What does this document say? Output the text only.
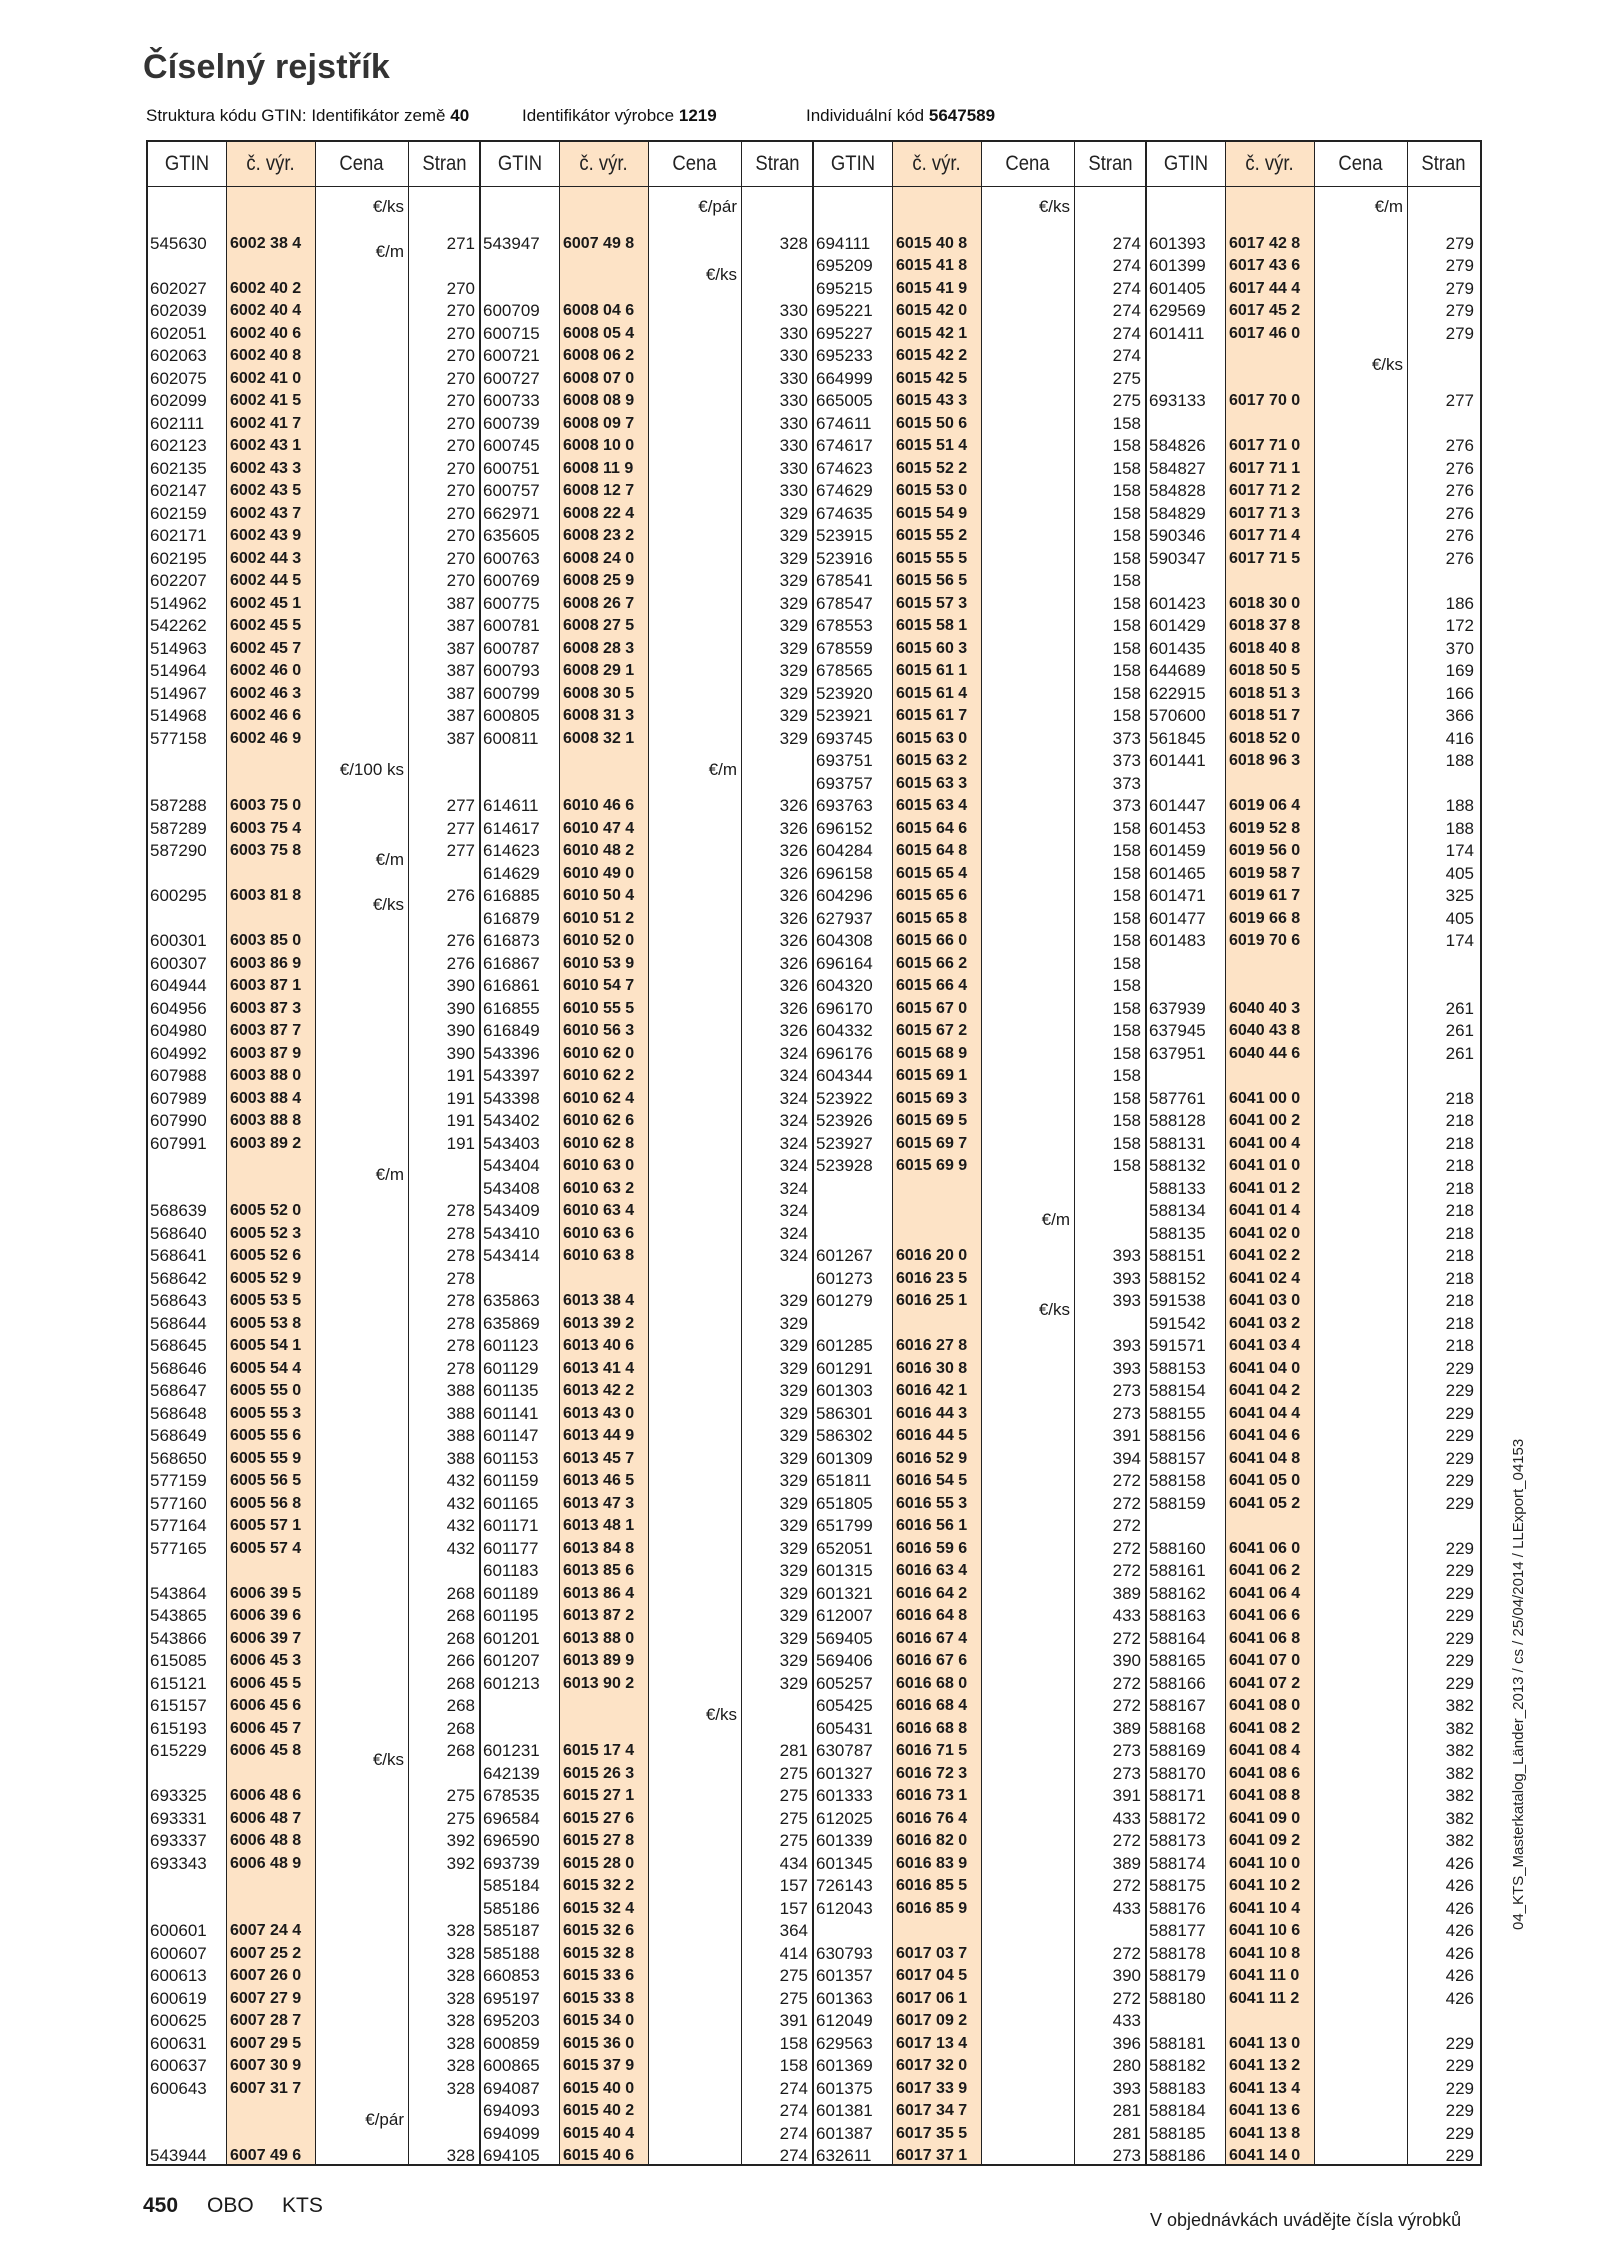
Číselný rejstřík
Struktura kódu GTIN: Identifikátor země 40	Identifikátor výrobce 1219	Individuální kód 5647589
GTIN	č. výr.	Cena	Stran
€/ks
545630 6002 38 4	271
€/m
602027 6002 40 2	270
602039 6002 40 4	270
602051 6002 40 6	270
602063 6002 40 8	270
602075 6002 41 0	270
602099 6002 41 5	270
602111 6002 41 7	270
602123 6002 43 1	270
602135 6002 43 3	270
602147 6002 43 5	270
602159 6002 43 7	270
602171 6002 43 9	270
602195 6002 44 3	270
602207 6002 44 5	270
514962 6002 45 1	387
542262 6002 45 5	387
514963 6002 45 7	387
514964 6002 46 0	387
514967 6002 46 3	387
514968 6002 46 6	387
577158 6002 46 9	387
€/100 ks
587288 6003 75 0	277
587289 6003 75 4	277
587290 6003 75 8	277
€/m
600295 6003 81 8	276
€/ks
600301 6003 85 0	276
600307 6003 86 9	276
604944 6003 87 1	390
604956 6003 87 3	390
604980 6003 87 7	390
604992 6003 87 9	390
607988 6003 88 0	191
607989 6003 88 4	191
607990 6003 88 8	191
607991 6003 89 2	191
€/m
568639 6005 52 0	278
568640 6005 52 3	278
568641 6005 52 6	278
568642 6005 52 9	278
568643 6005 53 5	278
568644 6005 53 8	278
568645 6005 54 1	278
568646 6005 54 4	278
568647 6005 55 0	388
568648 6005 55 3	388
568649 6005 55 6	388
568650 6005 55 9	388
577159 6005 56 5	432
577160 6005 56 8	432
577164 6005 57 1	432
577165 6005 57 4	432
543864 6006 39 5	268
543865 6006 39 6	268
543866 6006 39 7	268
615085 6006 45 3	266
615121 6006 45 5	268
615157 6006 45 6	268
615193 6006 45 7	268
615229 6006 45 8	268
€/ks
693325 6006 48 6	275
693331 6006 48 7	275
693337 6006 48 8	392
693343 6006 48 9	392
600601 6007 24 4	328
600607 6007 25 2	328
600613 6007 26 0	328
600619 6007 27 9	328
600625 6007 28 7	328
600631 6007 29 5	328
600637 6007 30 9	328
600643 6007 31 7	328
€/pár
543944 6007 49 6	328
GTIN	č. výr.	Cena	Stran
€/pár
543947 6007 49 8	328
€/ks
600709 6008 04 6	330
600715 6008 05 4	330
600721 6008 06 2	330
600727 6008 07 0	330
600733 6008 08 9	330
600739 6008 09 7	330
600745 6008 10 0	330
600751 6008 11 9	330
600757 6008 12 7	330
662971 6008 22 4	329
635605 6008 23 2	329
600763 6008 24 0	329
600769 6008 25 9	329
600775 6008 26 7	329
600781 6008 27 5	329
600787 6008 28 3	329
600793 6008 29 1	329
600799 6008 30 5	329
600805 6008 31 3	329
600811 6008 32 1	329
€/m
614611 6010 46 6	326
614617 6010 47 4	326
614623 6010 48 2	326
614629 6010 49 0	326
616885 6010 50 4	326
616879 6010 51 2	326
616873 6010 52 0	326
616867 6010 53 9	326
616861 6010 54 7	326
616855 6010 55 5	326
616849 6010 56 3	326
543396 6010 62 0	324
543397 6010 62 2	324
543398 6010 62 4	324
543402 6010 62 6	324
543403 6010 62 8	324
543404 6010 63 0	324
543408 6010 63 2	324
543409 6010 63 4	324
543410 6010 63 6	324
543414 6010 63 8	324
635863 6013 38 4	329
635869 6013 39 2	329
601123 6013 40 6	329
601129 6013 41 4	329
601135 6013 42 2	329
601141 6013 43 0	329
601147 6013 44 9	329
601153 6013 45 7	329
601159 6013 46 5	329
601165 6013 47 3	329
601171 6013 48 1	329
601177 6013 84 8	329
601183 6013 85 6	329
601189 6013 86 4	329
601195 6013 87 2	329
601201 6013 88 0	329
601207 6013 89 9	329
601213 6013 90 2	329
€/ks
601231 6015 17 4	281
642139 6015 26 3	275
678535 6015 27 1	275
696584 6015 27 6	275
696590 6015 27 8	275
693739 6015 28 0	434
585184 6015 32 2	157
585186 6015 32 4	157
585187 6015 32 6	364
585188 6015 32 8	414
660853 6015 33 6	275
695197 6015 33 8	275
695203 6015 34 0	391
600859 6015 36 0	158
600865 6015 37 9	158
694087 6015 40 0	274
694093 6015 40 2	274
694099 6015 40 4	274
694105 6015 40 6	274
GTIN	č. výr.	Cena	Stran
€/ks
694111 6015 40 8	274
695209 6015 41 8	274
695215 6015 41 9	274
695221 6015 42 0	274
695227 6015 42 1	274
695233 6015 42 2	274
664999 6015 42 5	275
665005 6015 43 3	275
674611 6015 50 6	158
674617 6015 51 4	158
674623 6015 52 2	158
674629 6015 53 0	158
674635 6015 54 9	158
523915 6015 55 2	158
523916 6015 55 5	158
678541 6015 56 5	158
678547 6015 57 3	158
678553 6015 58 1	158
678559 6015 60 3	158
678565 6015 61 1	158
523920 6015 61 4	158
523921 6015 61 7	158
693745 6015 63 0	373
693751 6015 63 2	373
693757 6015 63 3	373
693763 6015 63 4	373
696152 6015 64 6	158
604284 6015 64 8	158
696158 6015 65 4	158
604296 6015 65 6	158
627937 6015 65 8	158
604308 6015 66 0	158
696164 6015 66 2	158
604320 6015 66 4	158
696170 6015 67 0	158
604332 6015 67 2	158
696176 6015 68 9	158
604344 6015 69 1	158
523922 6015 69 3	158
523926 6015 69 5	158
523927 6015 69 7	158
523928 6015 69 9	158
€/m
601267 6016 20 0	393
601273 6016 23 5	393
601279 6016 25 1	393
€/ks
601285 6016 27 8	393
601291 6016 30 8	393
601303 6016 42 1	273
586301 6016 44 3	273
586302 6016 44 5	391
601309 6016 52 9	394
651811 6016 54 5	272
651805 6016 55 3	272
651799 6016 56 1	272
652051 6016 59 6	272
601315 6016 63 4	272
601321 6016 64 2	389
612007 6016 64 8	433
569405 6016 67 4	272
569406 6016 67 6	390
605257 6016 68 0	272
605425 6016 68 4	272
605431 6016 68 8	389
630787 6016 71 5	273
601327 6016 72 3	273
601333 6016 73 1	391
612025 6016 76 4	433
601339 6016 82 0	272
601345 6016 83 9	389
726143 6016 85 5	272
612043 6016 85 9	433
630793 6017 03 7	272
601357 6017 04 5	390
601363 6017 06 1	272
612049 6017 09 2	433
629563 6017 13 4	396
601369 6017 32 0	280
601375 6017 33 9	393
601381 6017 34 7	281
601387 6017 35 5	281
632611 6017 37 1	273
GTIN	č. výr.	Cena	Stran
€/m
601393 6017 42 8	279
601399 6017 43 6	279
601405 6017 44 4	279
629569 6017 45 2	279
601411 6017 46 0	279
€/ks
693133 6017 70 0	277
584826 6017 71 0	276
584827 6017 71 1	276
584828 6017 71 2	276
584829 6017 71 3	276
590346 6017 71 4	276
590347 6017 71 5	276
601423 6018 30 0	186
601429 6018 37 8	172
601435 6018 40 8	370
644689 6018 50 5	169
622915 6018 51 3	166
570600 6018 51 7	366
561845 6018 52 0	416
601441 6018 96 3	188
601447 6019 06 4	188
601453 6019 52 8	188
601459 6019 56 0	174
601465 6019 58 7	405
601471 6019 61 7	325
601477 6019 66 8	405
601483 6019 70 6	174
637939 6040 40 3	261
637945 6040 43 8	261
637951 6040 44 6	261
587761 6041 00 0	218
588128 6041 00 2	218
588131 6041 00 4	218
588132 6041 01 0	218
588133 6041 01 2	218
588134 6041 01 4	218
588135 6041 02 0	218
588151 6041 02 2	218
588152 6041 02 4	218
591538 6041 03 0	218
591542 6041 03 2	218
591571 6041 03 4	218
588153 6041 04 0	229
588154 6041 04 2	229
588155 6041 04 4	229
588156 6041 04 6	229
588157 6041 04 8	229
588158 6041 05 0	229
588159 6041 05 2	229
588160 6041 06 0	229
588161 6041 06 2	229
588162 6041 06 4	229
588163 6041 06 6	229
588164 6041 06 8	229
588165 6041 07 0	229
588166 6041 07 2	229
588167 6041 08 0	382
588168 6041 08 2	382
588169 6041 08 4	382
588170 6041 08 6	382
588171 6041 08 8	382
588172 6041 09 0	382
588173 6041 09 2	382
588174 6041 10 0	426
588175 6041 10 2	426
588176 6041 10 4	426
588177 6041 10 6	426
588178 6041 10 8	426
588179 6041 11 0	426
588180 6041 11 2	426
588181 6041 13 0	229
588182 6041 13 2	229
588183 6041 13 4	229
588184 6041 13 6	229
588185 6041 13 8	229
588186 6041 14 0	229
450 OBO KTS
V objednávkách uvádějte čísla výrobků
04_KTS_Masterkatalog_Länder_2013 / cs / 25/04/2014 / LLExport_04153
